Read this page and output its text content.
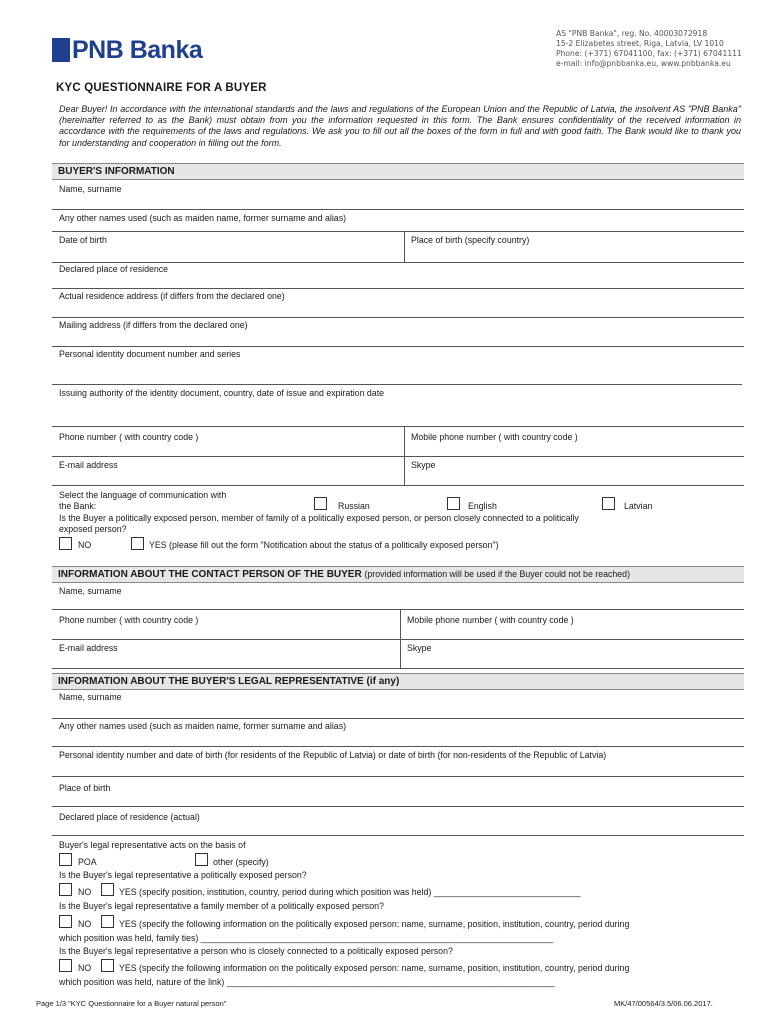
PNB Banka
AS "PNB Banka", reg. No. 40003072918
15-2 Elizabetes street, Riga, Latvia, LV 1010
Phone: (+371) 67041100, fax: (+371) 67041111
e-mail: info@pnbbanka.eu, www.pnbbanka.eu
KYC QUESTIONNAIRE FOR A BUYER
Dear Buyer! In accordance with the international standards and the laws and regulations of the European Union and the Republic of Latvia, the insolvent AS "PNB Banka" (hereinafter referred to as the Bank) must obtain from you the information requested in this form. The Bank ensures confidentiality of the received information in accordance with the requirements of the laws and regulations. We ask you to fill out all the boxes of the form in full and with good faith. The Bank would like to thank you for understanding and cooperation in filling out the form.
BUYER'S INFORMATION
Name, surname
Any other names used (such as maiden name, former surname and alias)
Date of birth	Place of birth (specify country)
Declared place of residence
Actual residence address (if differs from the declared one)
Mailing address (if differs from the declared one)
Personal identity document number and series
Issuing authority of the identity document, country, date of issue and expiration date
Phone number ( with country code )	Mobile phone number ( with country code )
E-mail address	Skype
Select the language of communication with
the Bank:	Russian	English	Latvian
Is the Buyer a politically exposed person, member of family of a politically exposed person, or person closely connected to a politically
exposed person?
NO	YES (please fill out the form "Notification about the status of a politically exposed person")
INFORMATION ABOUT THE CONTACT PERSON OF THE BUYER (provided information will be used if the Buyer could not be reached)
Name, surname
Phone number ( with country code )	Mobile phone number ( with country code )
E-mail address	Skype
INFORMATION ABOUT THE BUYER'S LEGAL REPRESENTATIVE (if any)
Name, surname
Any other names used (such as maiden name, former surname and alias)
Personal identity number and date of birth (for residents of the Republic of Latvia) or date of birth (for non-residents of the Republic of Latvia)
Place of birth
Declared place of residence (actual)
Buyer's legal representative acts on the basis of
POA	other (specify)
Is the Buyer's legal representative a politically exposed person?
NO	YES (specify position, institution, country, period during which position was held) ______________________________
Is the Buyer's legal representative a family member of a politically exposed person?
NO	YES (specify the following information on the politically exposed person: name, surname, position, institution, country, period during
which position was held, family ties) ________________________________________________________________________
Is the Buyer's legal representative a person who is closely connected to a politically exposed person?
NO	YES (specify the following information on the politically exposed person: name, surname, position, institution, country, period during
which position was held, nature of the link) ___________________________________________________________________
Page 1/3 "KYC Questionnaire for a Buyer natural person"	MK/47/00564/3.5/06.06.2017.
